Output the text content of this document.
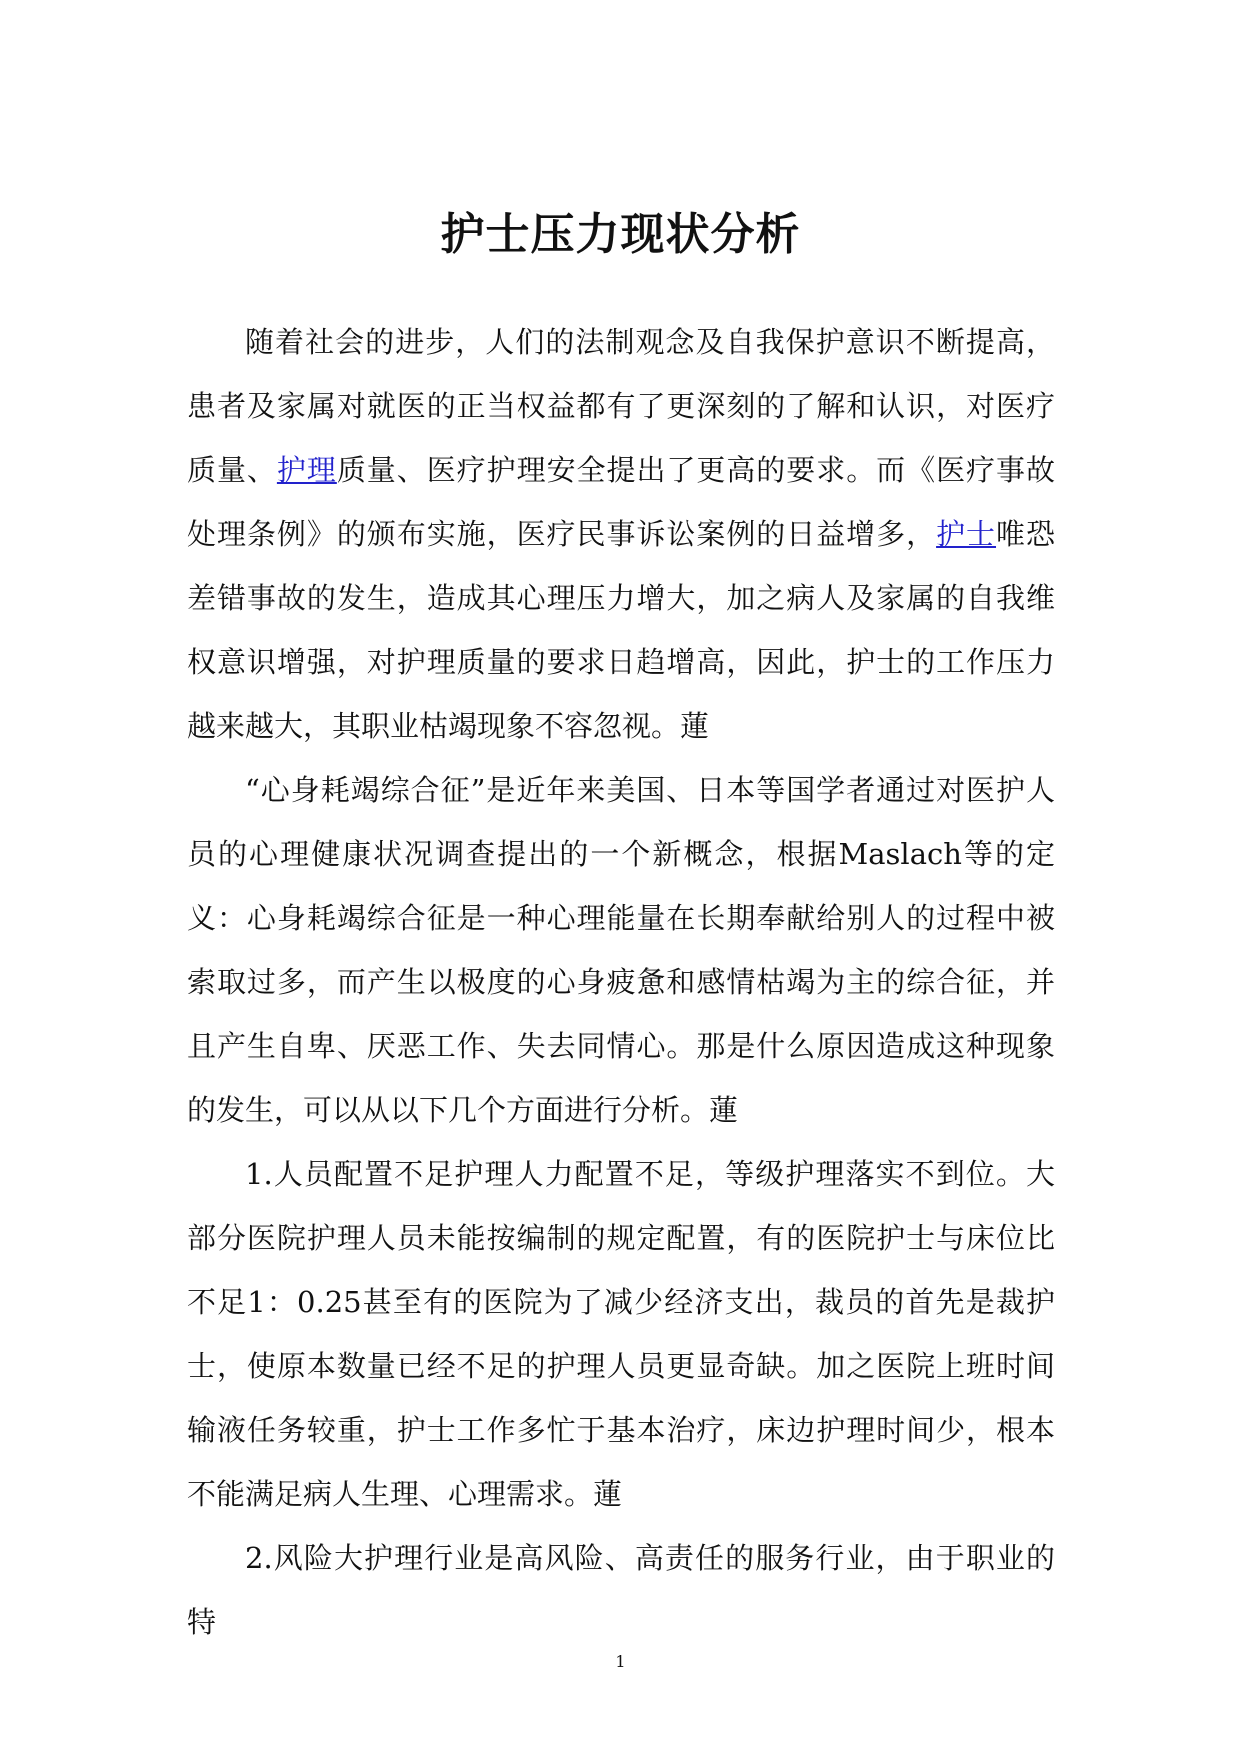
护士压力现状分析

随着社会的进步，人们的法制观念及自我保护意识不断提高，患者及家属对就医的正当权益都有了更深刻的了解和认识，对医疗质量、护理质量、医疗护理安全提出了更高的要求。而《医疗事故处理条例》的颁布实施，医疗民事诉讼案例的日益增多，护士唯恐差错事故的发生，造成其心理压力增大，加之病人及家属的自我维权意识增强，对护理质量的要求日趋增高，因此，护士的工作压力越来越大，其职业枯竭现象不容忽视。蓮

“心身耗竭综合征”是近年来美国、日本等国学者通过对医护人员的心理健康状况调查提出的一个新概念，根据Maslach等的定义：心身耗竭综合征是一种心理能量在长期奉献给别人的过程中被索取过多，而产生以极度的心身疲惫和感情枯竭为主的综合征，并且产生自卑、厌恶工作、失去同情心。那是什么原因造成这种现象的发生，可以从以下几个方面进行分析。蓮

1.人员配置不足护理人力配置不足，等级护理落实不到位。大部分医院护理人员未能按编制的规定配置，有的医院护士与床位比不足1：0.25甚至有的医院为了减少经济支出，裁员的首先是裁护士，使原本数量已经不足的护理人员更显奇缺。加之医院上班时间输液任务较重，护士工作多忙于基本治疗，床边护理时间少，根本不能满足病人生理、心理需求。蓮

2.风险大护理行业是高风险、高责任的服务行业，由于职业的特

1
